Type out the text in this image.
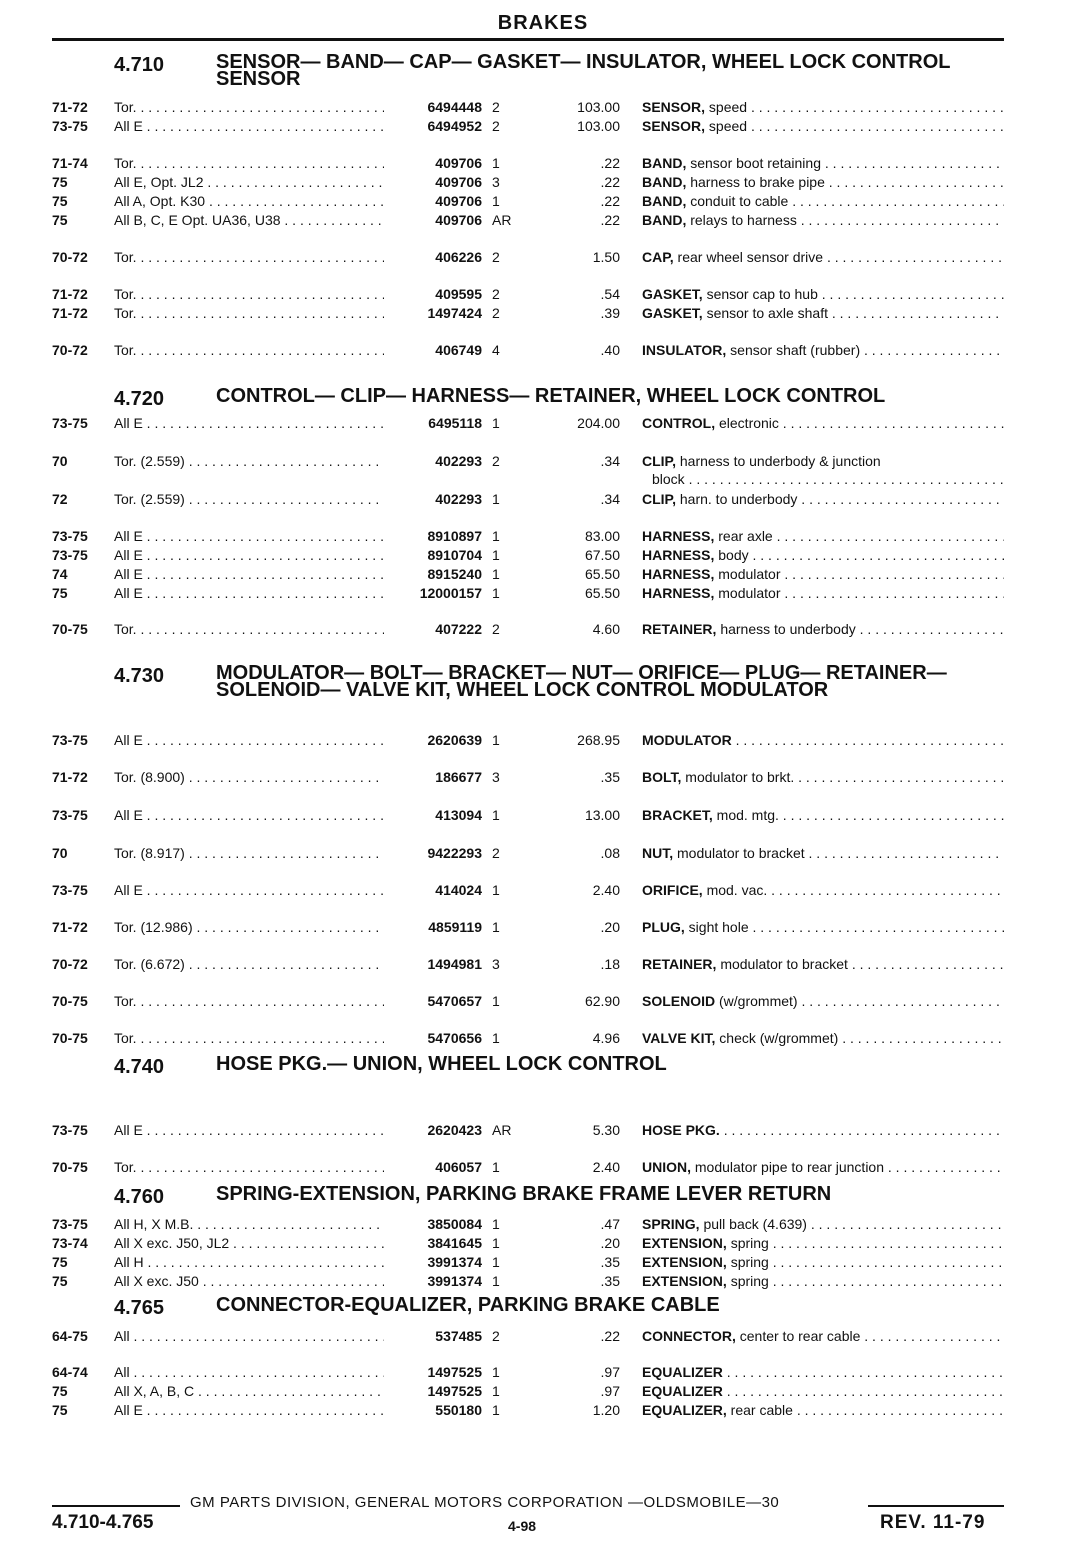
BRAKES
4.710	SENSOR— BAND— CAP— GASKET— INSULATOR, WHEEL LOCK CONTROL SENSOR
71-72	Tor. . . .	6494448 2	103.00 SENSOR, speed . . .
73-75	All E . . .	6494952 2	103.00 SENSOR, speed . . .
71-74	Tor. . . .	409706 1	.22 BAND, sensor boot retaining . . .
75	All E, Opt. JL2 . . .	409706 3	.22 BAND, harness to brake pipe . . .
75	All A, Opt. K30 . . .	409706 1	.22 BAND, conduit to cable . . .
75	All B, C, E Opt. UA36, U38 . . .	409706 AR	.22 BAND, relays to harness . . .
70-72	Tor. . . .	406226 2	1.50 CAP, rear wheel sensor drive . . .
71-72	Tor. . . .	409595 2	.54 GASKET, sensor cap to hub . . .
71-72	Tor. . . .	1497424 2	.39 GASKET, sensor to axle shaft . . .
70-72	Tor. . . .	406749 4	.40 INSULATOR, sensor shaft (rubber) . . .
4.720	CONTROL— CLIP— HARNESS— RETAINER, WHEEL LOCK CONTROL
73-75	All E . . .	6495118 1	204.00 CONTROL, electronic . . .
70	Tor. (2.559) . . .	402293 2	.34 CLIP, harness to underbody & junction
block . . .
72	Tor. (2.559) . . .	402293 1	.34 CLIP, harn. to underbody . . .
73-75	All E . . .	8910897 1	83.00 HARNESS, rear axle . . .
73-75	All E . . .	8910704 1	67.50 HARNESS, body . . .
74	All E . . .	8915240 1	65.50 HARNESS, modulator . . .
75	All E . . .	12000157 1	65.50 HARNESS, modulator . . .
70-75	Tor. . . .	407222 2	4.60 RETAINER, harness to underbody . . .
4.730	MODULATOR— BOLT— BRACKET— NUT— ORIFICE— PLUG— RETAINER— SOLENOID— VALVE KIT, WHEEL LOCK CONTROL MODULATOR
73-75	All E . . .	2620639 1	268.95 MODULATOR . . .
71-72	Tor. (8.900) . . .	186677 3	.35 BOLT, modulator to brkt. . . .
73-75	All E . . .	413094 1	13.00 BRACKET, mod. mtg. . . .
70	Tor. (8.917) . . .	9422293 2	.08 NUT, modulator to bracket . . .
73-75	All E . . .	414024 1	2.40 ORIFICE, mod. vac. . . .
71-72	Tor. (12.986) . . .	4859119 1	.20 PLUG, sight hole . . .
70-72	Tor. (6.672) . . .	1494981 3	.18 RETAINER, modulator to bracket . . .
70-75	Tor. . . .	5470657 1	62.90 SOLENOID (w/grommet) . . .
70-75	Tor. . . .	5470656 1	4.96 VALVE KIT, check (w/grommet) . . .
4.740	HOSE PKG.— UNION, WHEEL LOCK CONTROL
73-75	All E . . .	2620423 AR	5.30 HOSE PKG. . . .
70-75	Tor. . . .	406057 1	2.40 UNION, modulator pipe to rear junction . . .
4.760	SPRING-EXTENSION, PARKING BRAKE FRAME LEVER RETURN
73-75	All H, X M.B. . . .	3850084 1	.47 SPRING, pull back (4.639) . . .
73-74	All X exc. J50, JL2 . . .	3841645 1	.20 EXTENSION, spring . . .
75	All H . . .	3991374 1	.35 EXTENSION, spring . . .
75	All X exc. J50 . . .	3991374 1	.35 EXTENSION, spring . . .
4.765	CONNECTOR-EQUALIZER, PARKING BRAKE CABLE
64-75	All . . .	537485 2	.22 CONNECTOR, center to rear cable . . .
64-74	All . . .	1497525 1	.97 EQUALIZER . . .
75	All X, A, B, C . . .	1497525 1	.97 EQUALIZER . . .
75	All E . . .	550180 1	1.20 EQUALIZER, rear cable . . .
4.710-4.765
GM PARTS DIVISION, GENERAL MOTORS CORPORATION —OLDSMOBILE—30
4-98	REV. 11-79
